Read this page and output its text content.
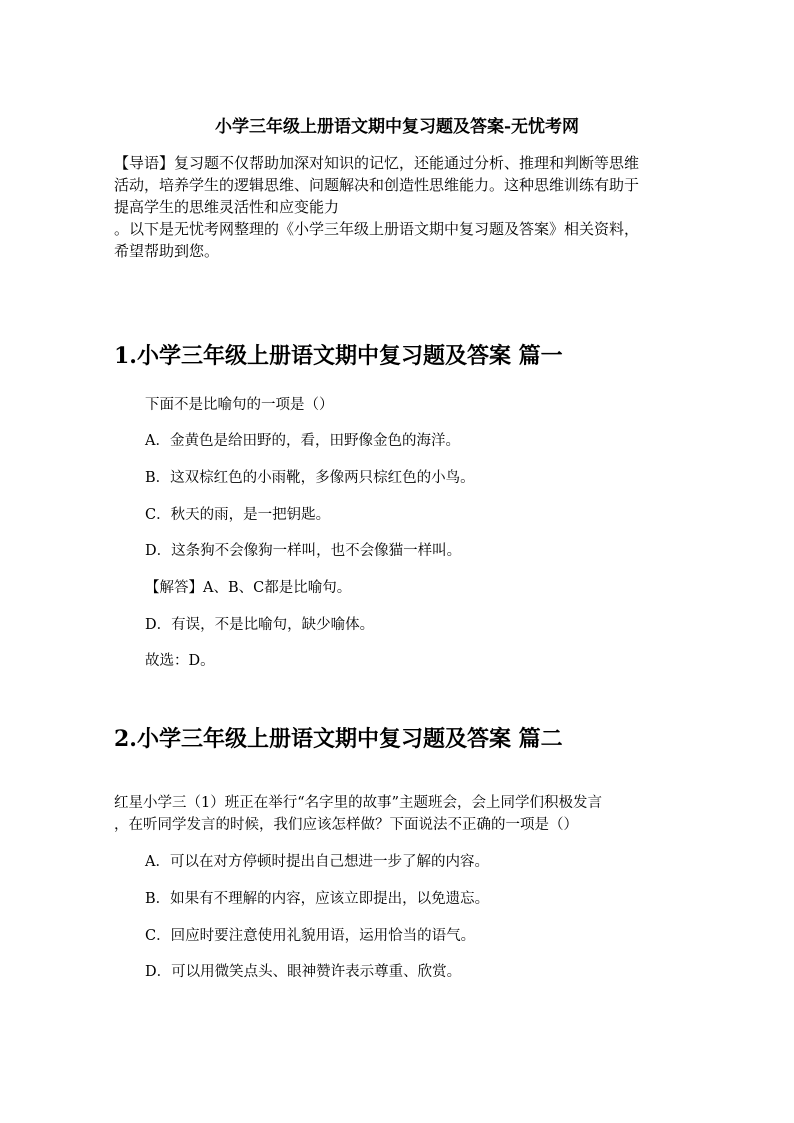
小学三年级上册语文期中复习题及答案-无忧考网

【导语】复习题不仅帮助加深对知识的记忆，还能通过分析、推理和判断等思维

活动，培养学生的逻辑思维、问题解决和创造性思维能力。这种思维训练有助于

提高学生的思维灵活性和应变能力

。以下是无忧考网整理的《小学三年级上册语文期中复习题及答案》相关资料，

希望帮助到您。

1.小学三年级上册语文期中复习题及答案 篇一
下面不是比喻句的一项是（）
A．金黄色是给田野的，看，田野像金色的海洋。
B．这双棕红色的小雨靴，多像两只棕红色的小鸟。
C．秋天的雨，是一把钥匙。
D．这条狗不会像狗一样叫，也不会像猫一样叫。
【解答】A、B、C都是比喻句。
D．有误，不是比喻句，缺少喻体。
故选：D。
2.小学三年级上册语文期中复习题及答案 篇二

红星小学三（1）班正在举行“名字里的故事”主题班会，会上同学们积极发言

，在听同学发言的时候，我们应该怎样做？下面说法不正确的一项是（）

A．可以在对方停顿时提出自己想进一步了解的内容。
B．如果有不理解的内容，应该立即提出，以免遗忘。
C．回应时要注意使用礼貌用语，运用恰当的语气。
D．可以用微笑点头、眼神赞许表示尊重、欣赏。
